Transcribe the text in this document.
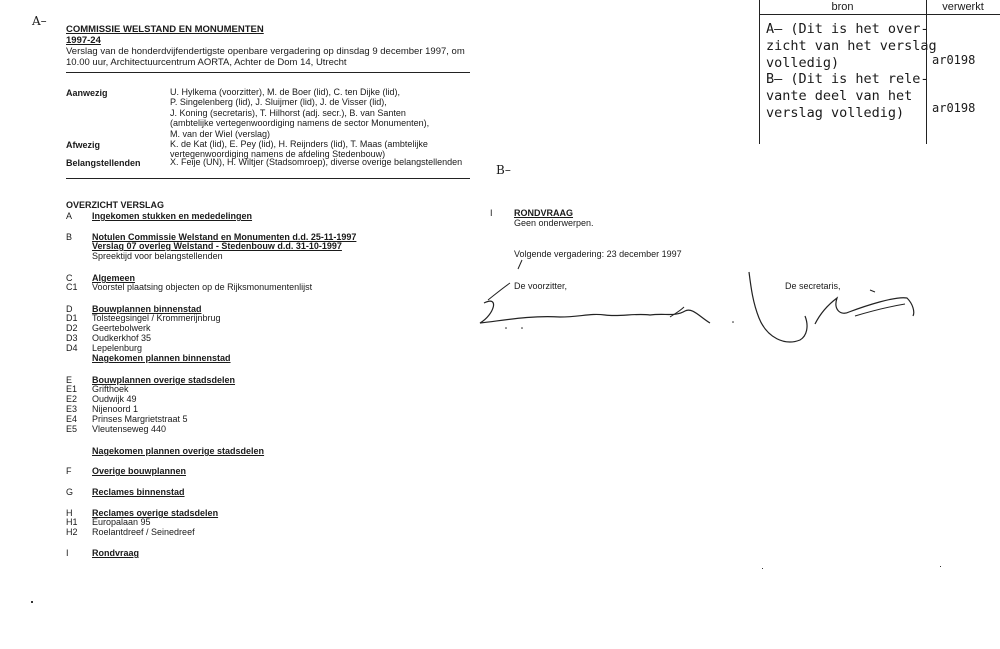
A–
B–
COMMISSIE WELSTAND EN MONUMENTEN
1997-24
Verslag van de honderdvijfendertigste openbare vergadering op dinsdag 9 december 1997, om
10.00 uur, Architectuurcentrum AORTA, Achter de Dom 14, Utrecht
Aanwezig	U. Hylkema (voorzitter), M. de Boer (lid), C. ten Dijke (lid),
P. Singelenberg (lid), J. Sluijmer (lid), J. de Visser (lid),
J. Koning (secretaris), T. Hilhorst (adj. secr.), B. van Santen
(ambtelijke vertegenwoordiging namens de sector Monumenten),
M. van der Wiel (verslag)
Afwezig	K. de Kat (lid), E. Pey (lid), H. Reijnders (lid), T. Maas (ambtelijke
vertegenwoordiging namens de afdeling Stedenbouw)
Belangstellenden	X. Feije (UN), H. Wiltjer (Stadsomroep), diverse overige belangstellenden
OVERZICHT VERSLAG
A	Ingekomen stukken en mededelingen
B	Notulen Commissie Welstand en Monumenten d.d. 25-11-1997
Verslag 07 overleg Welstand - Stedenbouw d.d. 31-10-1997
Spreektijd voor belangstellenden
C	Algemeen
C1	Voorstel plaatsing objecten op de Rijksmonumentenlijst
D	Bouwplannen binnenstad
D1	Tolsteegsingel / Krommerijnbrug
D2	Geertebolwerk
D3	Oudkerkhof 35
D4	Lepelenburg
Nagekomen plannen binnenstad
E	Bouwplannen overige stadsdelen
E1	Grifthoek
E2	Oudwijk 49
E3	Nijenoord 1
E4	Prinses Margrietstraat 5
E5	Vleutenseweg 440
Nagekomen plannen overige stadsdelen
F	Overige bouwplannen
G	Reclames binnenstad
H	Reclames overige stadsdelen
H1	Europalaan 95
H2	Roelantdreef / Seinedreef
I	Rondvraag
I RONDVRAAG
Geen onderwerpen.
Volgende vergadering: 23 december 1997
De voorzitter,	De secretaris,
bron	verwerkt
A– (Dit is het over-
zicht van het verslag
volledig)	ar0198
B– (Dit is het rele-
vante deel van het
verslag volledig)	ar0198
